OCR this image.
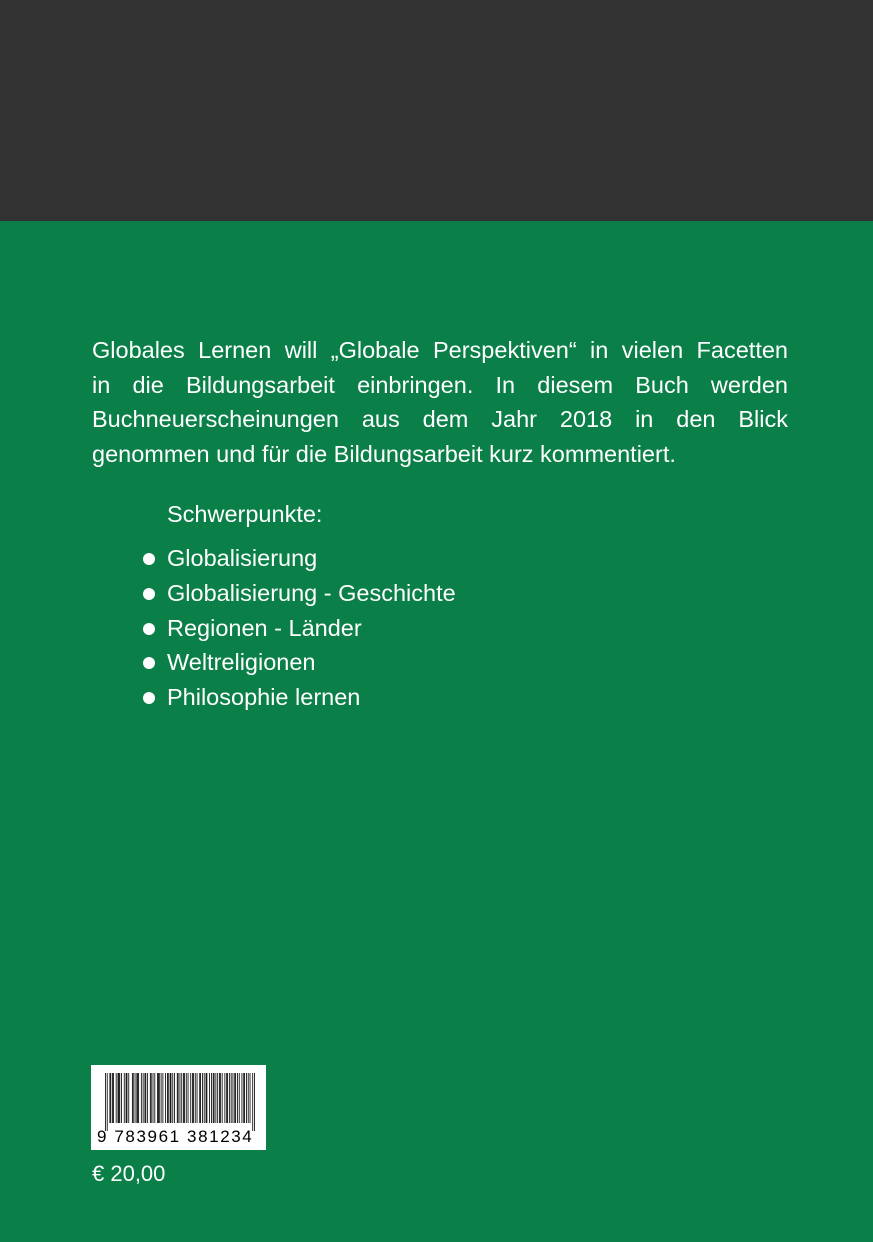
Globales Lernen will „Globale Perspektiven“ in vielen Facetten
in die Bildungsarbeit einbringen. In diesem Buch werden
Buchneuerscheinungen aus dem Jahr 2018 in den Blick
genommen und für die Bildungsarbeit kurz kommentiert.

Schwerpunkte:

Globalisierung
Globalisierung - Geschichte
Regionen - Länder
Weltreligionen
Philosophie lernen
9 783961 381234
€ 20,00
